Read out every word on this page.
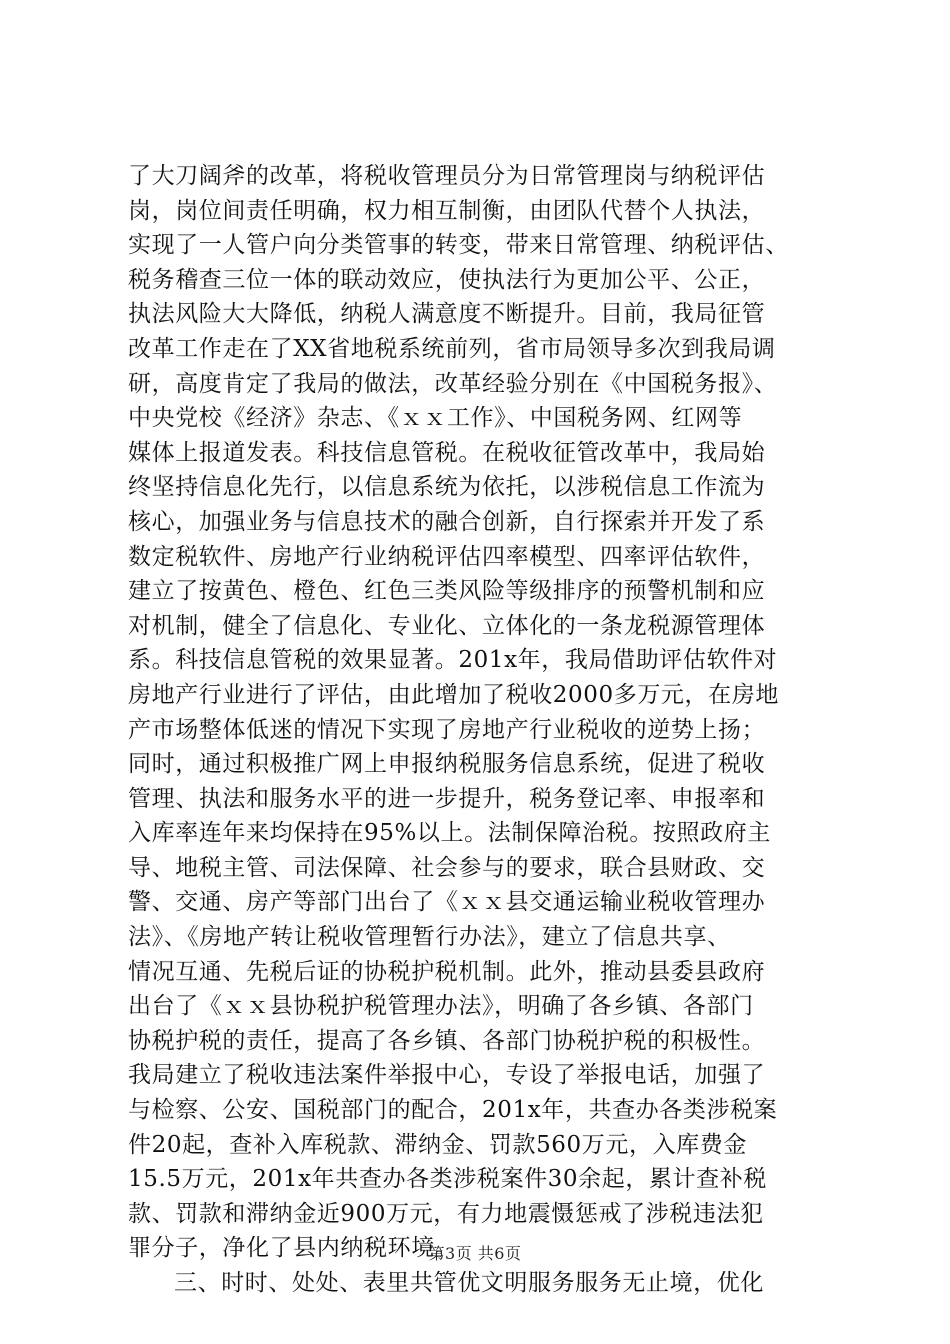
了大刀阔斧的改革，将税收管理员分为日常管理岗与纳税评估
岗，岗位间责任明确，权力相互制衡，由团队代替个人执法，
实现了一人管户向分类管事的转变，带来日常管理、纳税评估、
税务稽查三位一体的联动效应，使执法行为更加公平、公正，
执法风险大大降低，纳税人满意度不断提升。目前，我局征管
改革工作走在了XX省地税系统前列，省市局领导多次到我局调
研，高度肯定了我局的做法，改革经验分别在《中国税务报》、
中央党校《经济》杂志、《ｘｘ工作》、中国税务网、红网等
媒体上报道发表。科技信息管税。在税收征管改革中，我局始
终坚持信息化先行，以信息系统为依托，以涉税信息工作流为
核心，加强业务与信息技术的融合创新，自行探索并开发了系
数定税软件、房地产行业纳税评估四率模型、四率评估软件，
建立了按黄色、橙色、红色三类风险等级排序的预警机制和应
对机制，健全了信息化、专业化、立体化的一条龙税源管理体
系。科技信息管税的效果显著。201x年，我局借助评估软件对
房地产行业进行了评估，由此增加了税收2000多万元，在房地
产市场整体低迷的情况下实现了房地产行业税收的逆势上扬；
同时，通过积极推广网上申报纳税服务信息系统，促进了税收
管理、执法和服务水平的进一步提升，税务登记率、申报率和
入库率连年来均保持在95%以上。法制保障治税。按照政府主
导、地税主管、司法保障、社会参与的要求，联合县财政、交
警、交通、房产等部门出台了《ｘｘ县交通运输业税收管理办
法》、《房地产转让税收管理暂行办法》，建立了信息共享、
情况互通、先税后证的协税护税机制。此外，推动县委县政府
出台了《ｘｘ县协税护税管理办法》，明确了各乡镇、各部门
协税护税的责任，提高了各乡镇、各部门协税护税的积极性。
我局建立了税收违法案件举报中心，专设了举报电话，加强了
与检察、公安、国税部门的配合，201x年，共查办各类涉税案
件20起，查补入库税款、滞纳金、罚款560万元，入库费金
15.5万元，201x年共查办各类涉税案件30余起，累计查补税
款、罚款和滞纳金近900万元，有力地震慑惩戒了涉税违法犯
罪分子，净化了县内纳税环境。
三、时时、处处、表里共管优文明服务服务无止境，优化
第3页 共6页
